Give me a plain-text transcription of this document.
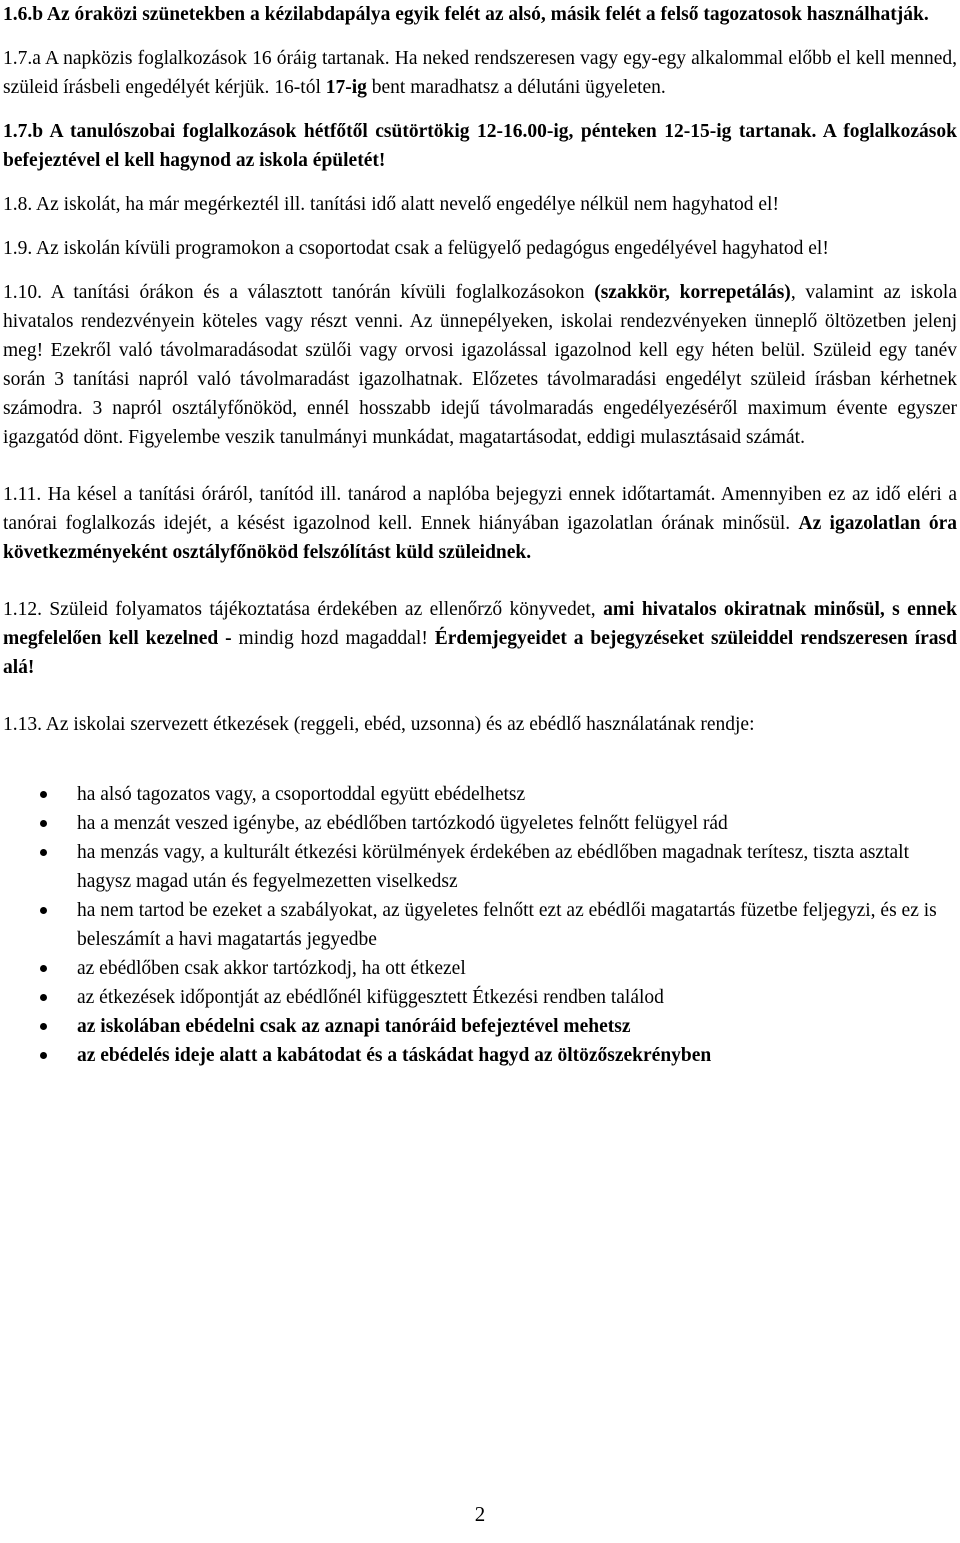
1.6.b Az óraközi szünetekben a kézilabdapálya egyik felét az alsó, másik felét a felső tagozatosok használhatják.

1.7.a A napközis foglalkozások 16 óráig tartanak. Ha neked rendszeresen vagy egy-egy alkalommal előbb el kell menned, szüleid írásbeli engedélyét kérjük. 16-tól 17-ig bent maradhatsz a délutáni ügyeleten.

1.7.b A tanulószobai foglalkozások hétfőtől csütörtökig 12-16.00-ig, pénteken 12-15-ig tartanak. A foglalkozások befejeztével el kell hagynod az iskola épületét!

1.8. Az iskolát, ha már megérkeztél ill. tanítási idő alatt nevelő engedélye nélkül nem hagyhatod el!

1.9. Az iskolán kívüli programokon a csoportodat csak a felügyelő pedagógus engedélyével hagyhatod el!

1.10. A tanítási órákon és a választott tanórán kívüli foglalkozásokon (szakkör, korrepetálás), valamint az iskola hivatalos rendezvényein köteles vagy részt venni. Az ünnepélyeken, iskolai rendezvényeken ünneplő öltözetben jelenj meg! Ezekről való távolmaradásodat szülői vagy orvosi igazolással igazolnod kell egy héten belül. Szüleid egy tanév során 3 tanítási napról való távolmaradást igazolhatnak. Előzetes távolmaradási engedélyt szüleid írásban kérhetnek számodra. 3 napról osztályfőnököd, ennél hosszabb idejű távolmaradás engedélyezéséről maximum évente egyszer igazgatód dönt. Figyelembe veszik tanulmányi munkádat, magatartásodat, eddigi mulasztásaid számát.

1.11. Ha késel a tanítási óráról, tanítód ill. tanárod a naplóba bejegyzi ennek időtartamát. Amennyiben ez az idő eléri a tanórai foglalkozás idejét, a késést igazolnod kell. Ennek hiányában igazolatlan órának minősül. Az igazolatlan óra következményeként osztályfőnököd felszólítást küld szüleidnek.

1.12. Szüleid folyamatos tájékoztatása érdekében az ellenőrző könyvedet, ami hivatalos okiratnak minősül, s ennek megfelelően kell kezelned - mindig hozd magaddal! Érdemjegyeidet a bejegyzéseket szüleiddel rendszeresen írasd alá!

1.13. Az iskolai szervezett étkezések (reggeli, ebéd, uzsonna) és az ebédlő használatának rendje:

ha alsó tagozatos vagy, a csoportoddal együtt ebédelhetsz
ha a menzát veszed igénybe, az ebédlőben tartózkodó ügyeletes felnőtt felügyel rád
ha menzás vagy, a kulturált étkezési körülmények érdekében az ebédlőben magadnak terítesz, tiszta asztalt hagysz magad után és fegyelmezetten viselkedsz
ha nem tartod be ezeket a szabályokat, az ügyeletes felnőtt ezt az ebédlői magatartás füzetbe feljegyzi, és ez is beleszámít a havi magatartás jegyedbe
az ebédlőben csak akkor tartózkodj, ha ott étkezel
az étkezések időpontját az ebédlőnél kifüggesztett Étkezési rendben találod
az iskolában ebédelni csak az aznapi tanóráid befejeztével mehetsz
az ebédelés ideje alatt a kabátodat és a táskádat hagyd az öltözőszekrényben
2
